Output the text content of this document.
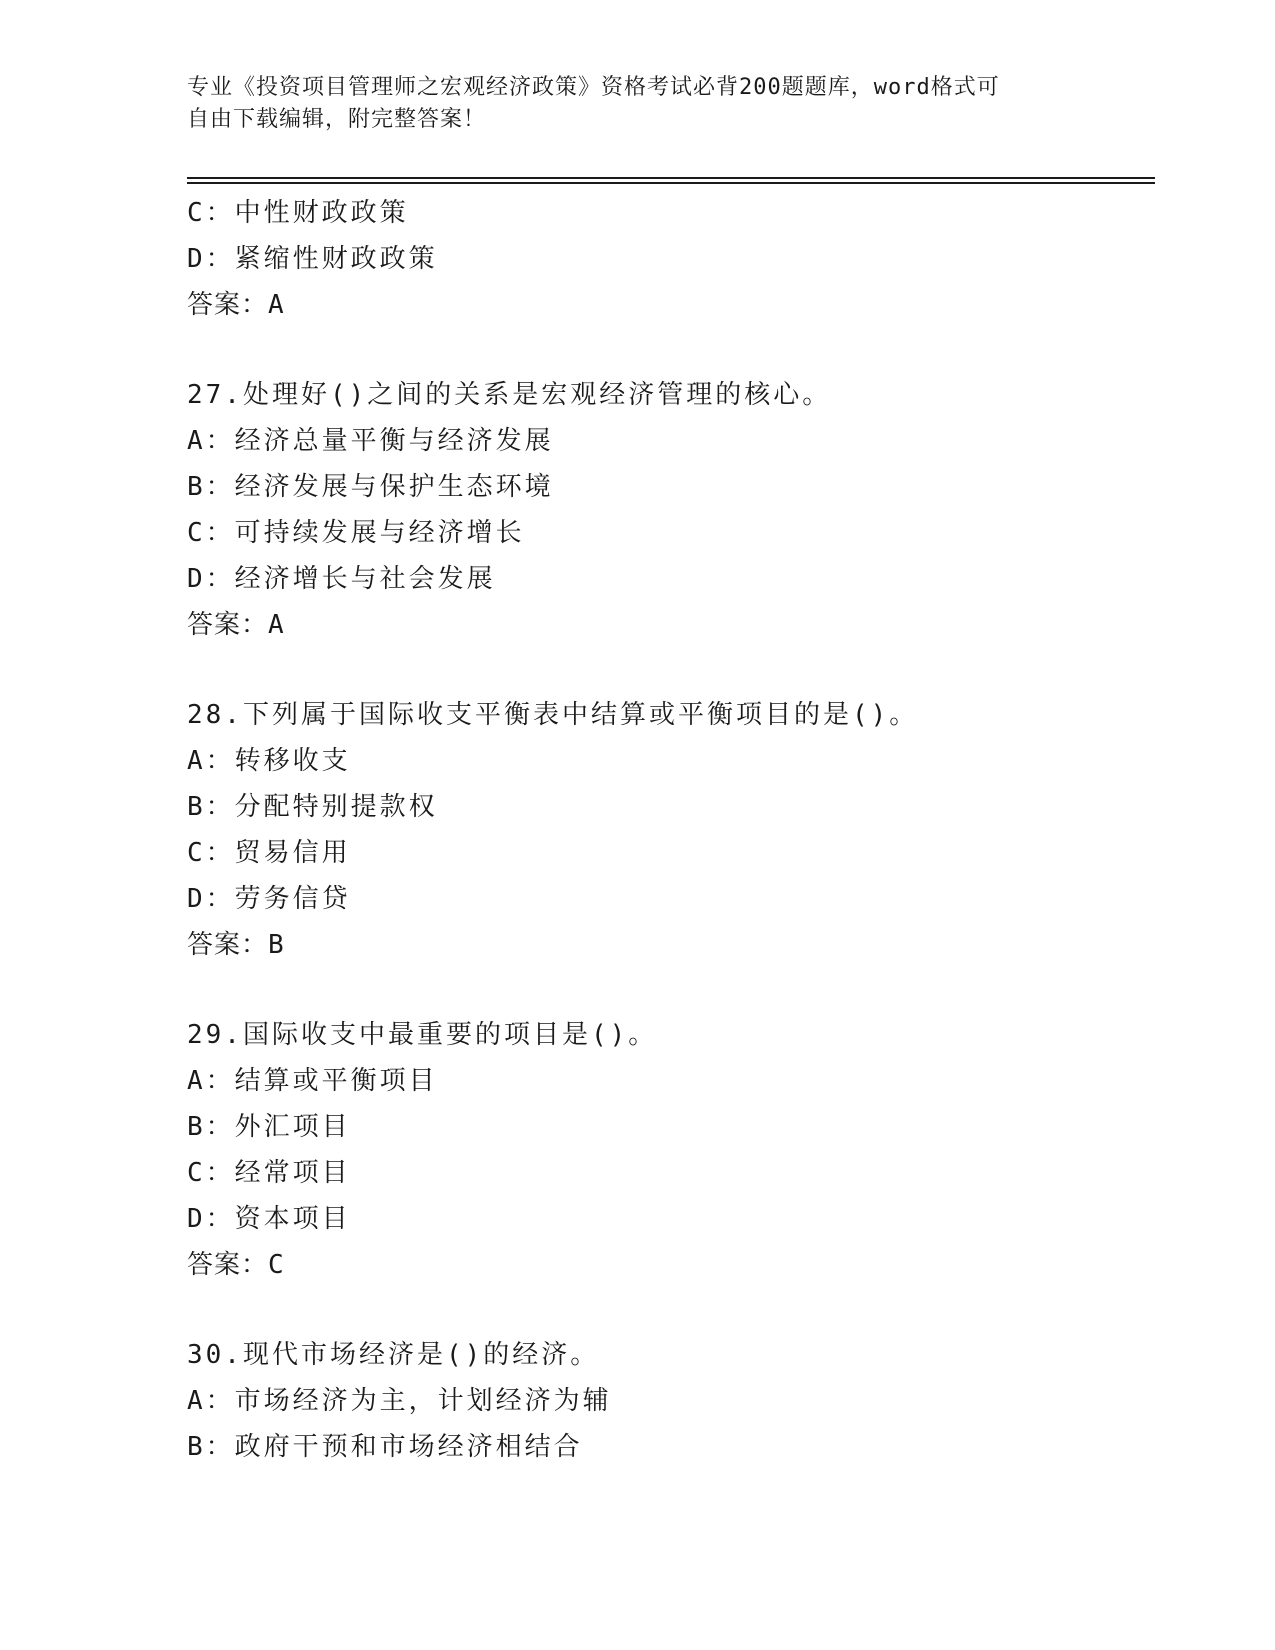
专业《投资项目管理师之宏观经济政策》资格考试必背200题题库，word格式可
自由下载编辑，附完整答案！
C：中性财政政策
D：紧缩性财政政策
答案：A
27.处理好()之间的关系是宏观经济管理的核心。
A：经济总量平衡与经济发展
B：经济发展与保护生态环境
C：可持续发展与经济增长
D：经济增长与社会发展
答案：A
28.下列属于国际收支平衡表中结算或平衡项目的是()。
A：转移收支
B：分配特别提款权
C：贸易信用
D：劳务信贷
答案：B
29.国际收支中最重要的项目是()。
A：结算或平衡项目
B：外汇项目
C：经常项目
D：资本项目
答案：C
30.现代市场经济是()的经济。
A：市场经济为主，计划经济为辅
B：政府干预和市场经济相结合
